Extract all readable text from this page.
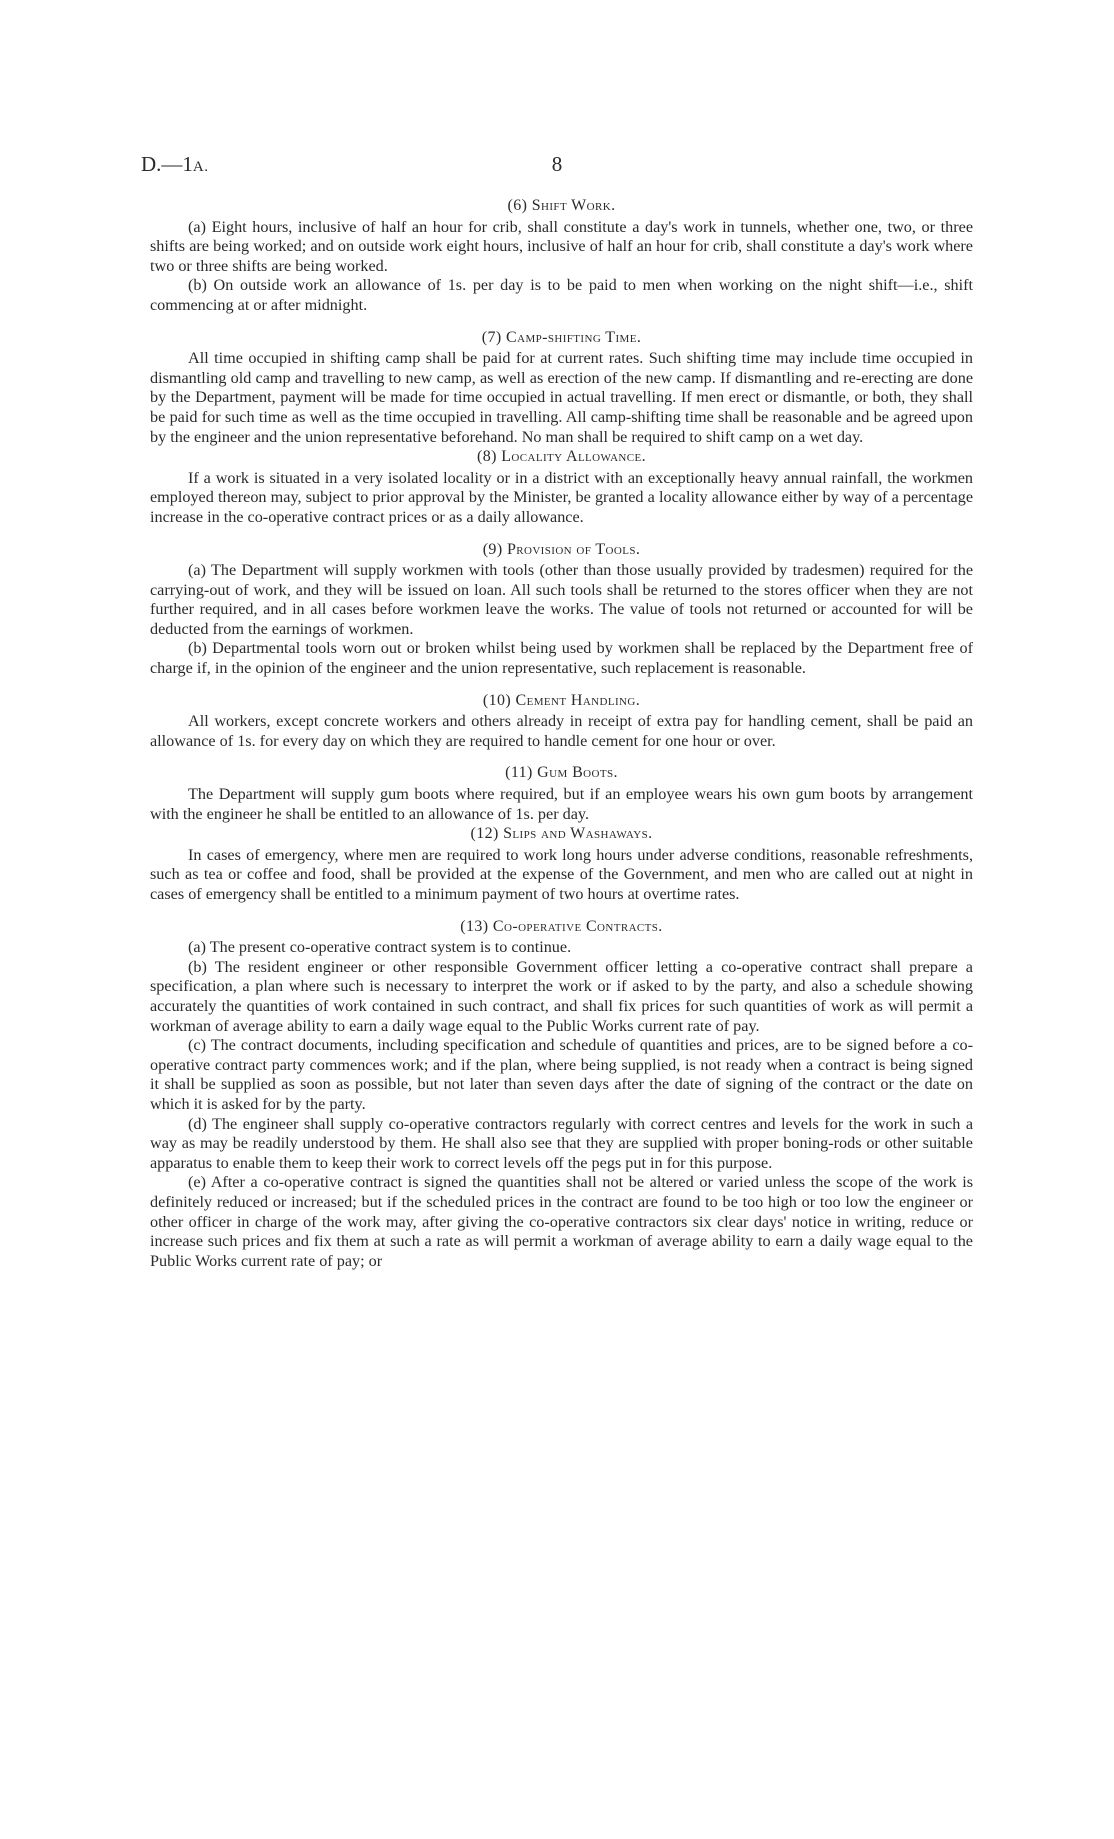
D.—1A.	8
(6) Shift Work.

(a) Eight hours, inclusive of half an hour for crib, shall constitute a day's work in tunnels, whether one, two, or three shifts are being worked; and on outside work eight hours, inclusive of half an hour for crib, shall constitute a day's work where two or three shifts are being worked.

(b) On outside work an allowance of 1s. per day is to be paid to men when working on the night shift—i.e., shift commencing at or after midnight.

(7) Camp-shifting Time.

All time occupied in shifting camp shall be paid for at current rates. Such shifting time may include time occupied in dismantling old camp and travelling to new camp, as well as erection of the new camp. If dismantling and re-erecting are done by the Department, payment will be made for time occupied in actual travelling. If men erect or dismantle, or both, they shall be paid for such time as well as the time occupied in travelling. All camp-shifting time shall be reasonable and be agreed upon by the engineer and the union representative beforehand. No man shall be required to shift camp on a wet day.

(8) Locality Allowance.

If a work is situated in a very isolated locality or in a district with an exceptionally heavy annual rainfall, the workmen employed thereon may, subject to prior approval by the Minister, be granted a locality allowance either by way of a percentage increase in the co-operative contract prices or as a daily allowance.

(9) Provision of Tools.

(a) The Department will supply workmen with tools (other than those usually provided by tradesmen) required for the carrying-out of work, and they will be issued on loan. All such tools shall be returned to the stores officer when they are not further required, and in all cases before workmen leave the works. The value of tools not returned or accounted for will be deducted from the earnings of workmen.

(b) Departmental tools worn out or broken whilst being used by workmen shall be replaced by the Department free of charge if, in the opinion of the engineer and the union representative, such replacement is reasonable.

(10) Cement Handling.

All workers, except concrete workers and others already in receipt of extra pay for handling cement, shall be paid an allowance of 1s. for every day on which they are required to handle cement for one hour or over.

(11) Gum Boots.

The Department will supply gum boots where required, but if an employee wears his own gum boots by arrangement with the engineer he shall be entitled to an allowance of 1s. per day.

(12) Slips and Washaways.

In cases of emergency, where men are required to work long hours under adverse conditions, reasonable refreshments, such as tea or coffee and food, shall be provided at the expense of the Government, and men who are called out at night in cases of emergency shall be entitled to a minimum payment of two hours at overtime rates.

(13) Co-operative Contracts.

(a) The present co-operative contract system is to continue.

(b) The resident engineer or other responsible Government officer letting a co-operative contract shall prepare a specification, a plan where such is necessary to interpret the work or if asked to by the party, and also a schedule showing accurately the quantities of work contained in such contract, and shall fix prices for such quantities of work as will permit a workman of average ability to earn a daily wage equal to the Public Works current rate of pay.

(c) The contract documents, including specification and schedule of quantities and prices, are to be signed before a co-operative contract party commences work; and if the plan, where being supplied, is not ready when a contract is being signed it shall be supplied as soon as possible, but not later than seven days after the date of signing of the contract or the date on which it is asked for by the party.

(d) The engineer shall supply co-operative contractors regularly with correct centres and levels for the work in such a way as may be readily understood by them. He shall also see that they are supplied with proper boning-rods or other suitable apparatus to enable them to keep their work to correct levels off the pegs put in for this purpose.

(e) After a co-operative contract is signed the quantities shall not be altered or varied unless the scope of the work is definitely reduced or increased; but if the scheduled prices in the contract are found to be too high or too low the engineer or other officer in charge of the work may, after giving the co-operative contractors six clear days' notice in writing, reduce or increase such prices and fix them at such a rate as will permit a workman of average ability to earn a daily wage equal to the Public Works current rate of pay; or
